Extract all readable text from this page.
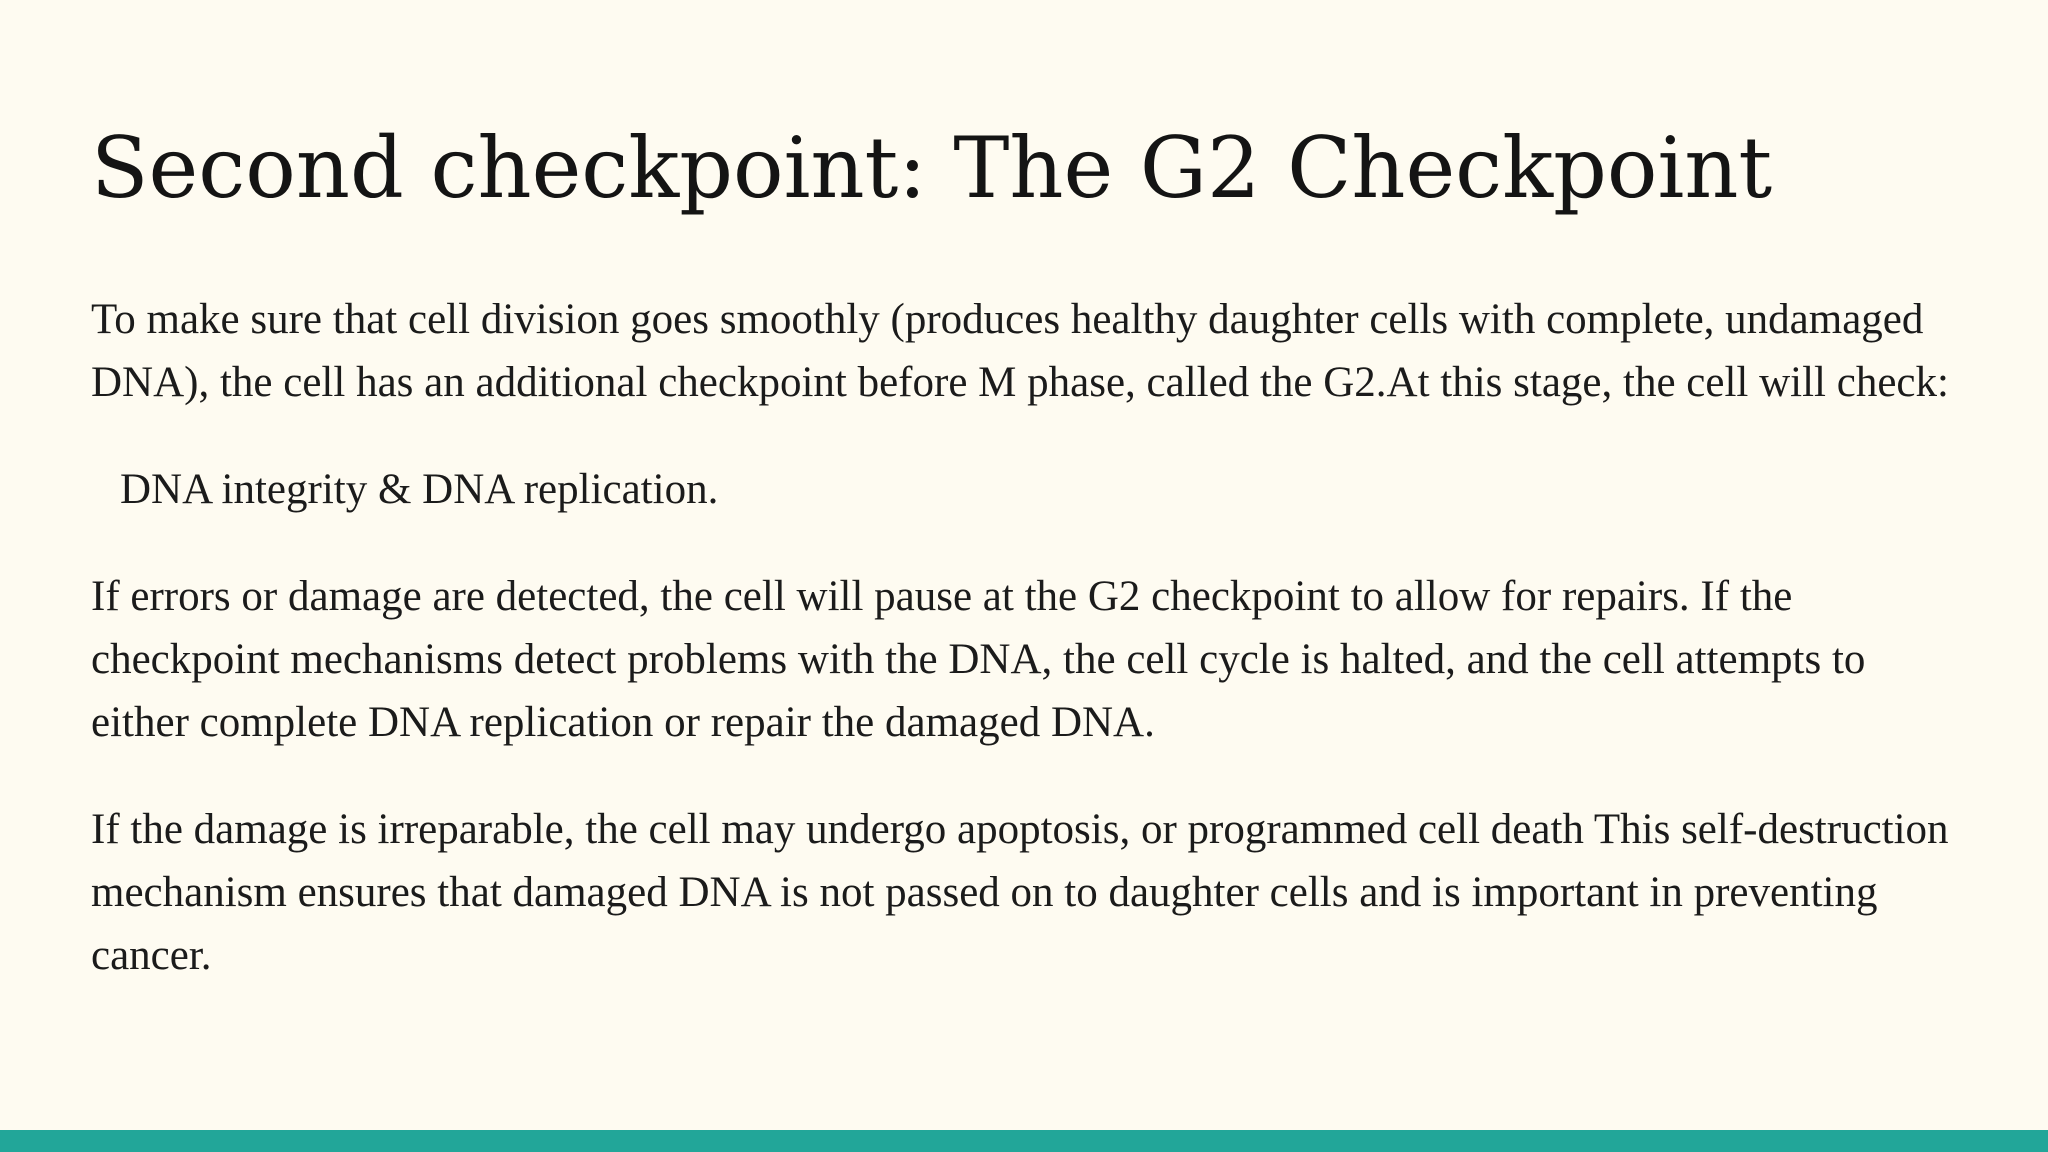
Second checkpoint: The G2 Checkpoint

To make sure that cell division goes smoothly (produces healthy daughter cells with complete, undamaged DNA), the cell has an additional checkpoint before M phase, called the G2.At this stage, the cell will check:

DNA integrity & DNA replication.

If errors or damage are detected, the cell will pause at the G2 checkpoint to allow for repairs. If the checkpoint mechanisms detect problems with the DNA, the cell cycle is halted, and the cell attempts to either complete DNA replication or repair the damaged DNA.

If the damage is irreparable, the cell may undergo apoptosis, or programmed cell death This self-destruction mechanism ensures that damaged DNA is not passed on to daughter cells and is important in preventing cancer.
